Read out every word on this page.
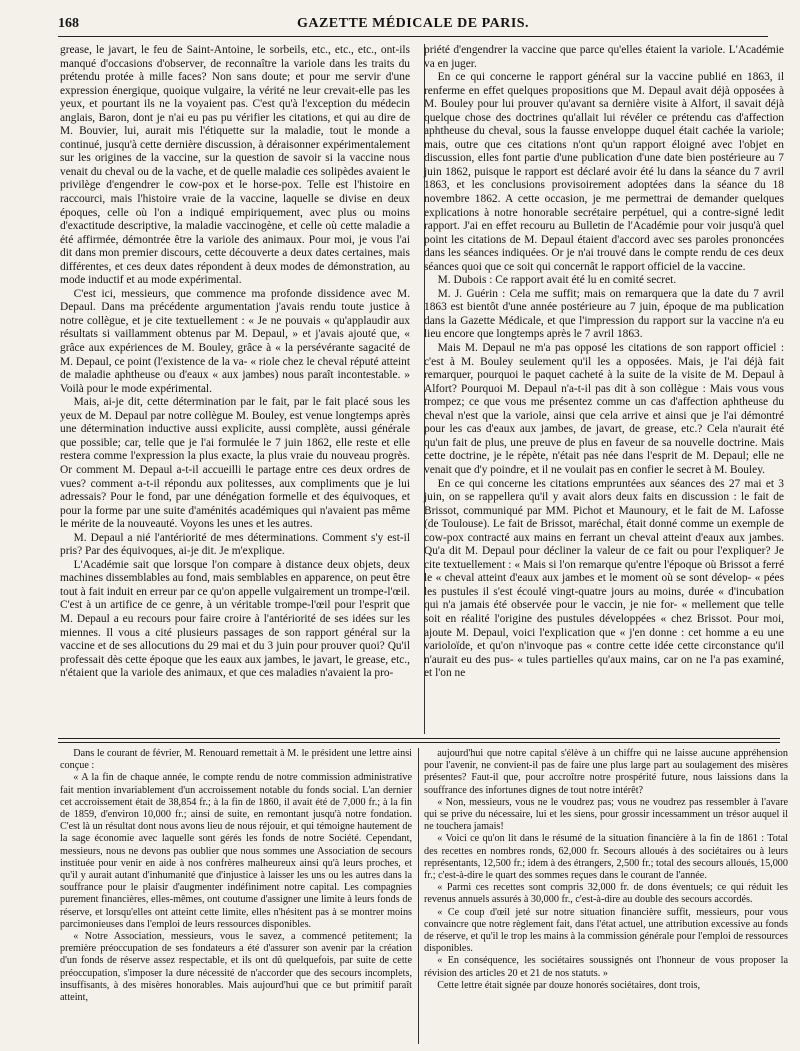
168	GAZETTE MÉDICALE DE PARIS.

grease, le javart, le feu de Saint-Antoine, le sorbeils, etc., etc., etc., ont-ils manqué d'occasions d'observer, de reconnaître la variole dans les traits du prétendu protée à mille faces? Non sans doute; et pour me servir d'une expression énergique, quoique vulgaire, la vérité ne leur crevait-elle pas les yeux, et pourtant ils ne la voyaient pas. C'est qu'à l'exception du médecin anglais, Baron, dont je n'ai eu pas pu vérifier les citations, et qui au dire de M. Bouvier, lui, aurait mis l'étiquette sur la maladie, tout le monde a continué, jusqu'à cette dernière discussion, à déraisonner expérimentalement sur les origines de la vaccine, sur la question de savoir si la vaccine nous venait du cheval ou de la vache, et de quelle maladie ces solipèdes avaient le privilège d'engendrer le cow-pox et le horse-pox. Telle est l'histoire en raccourci, mais l'histoire vraie de la vaccine, laquelle se divise en deux époques, celle où l'on a indiqué empiriquement, avec plus ou moins d'exactitude descriptive, la maladie vaccinogène, et celle où cette maladie a été affirmée, démontrée être la variole des animaux. Pour moi, je vous l'ai dit dans mon premier discours, cette découverte a deux dates certaines, mais différentes, et ces deux dates répondent à deux modes de démonstration, au mode inductif et au mode expérimental.

C'est ici, messieurs, que commence ma profonde dissidence avec M. Depaul. Dans ma précédente argumentation j'avais rendu toute justice à notre collègue, et je cite textuellement : « Je ne pouvais « qu'applaudir aux résultats si vaillamment obtenus par M. Depaul, » et j'avais ajouté que, « grâce aux expériences de M. Bouley, grâce à « la persévérante sagacité de M. Depaul, ce point (l'existence de la va- « riole chez le cheval réputé atteint de maladie aphtheuse ou d'eaux « aux jambes) nous paraît incontestable. » Voilà pour le mode expérimental.

Mais, ai-je dit, cette détermination par le fait, par le fait placé sous les yeux de M. Depaul par notre collègue M. Bouley, est venue longtemps après une détermination inductive aussi explicite, aussi complète, aussi générale que possible; car, telle que je l'ai formulée le 7 juin 1862, elle reste et elle restera comme l'expression la plus exacte, la plus vraie du nouveau progrès. Or comment M. Depaul a-t-il accueilli le partage entre ces deux ordres de vues? comment a-t-il répondu aux politesses, aux compliments que je lui adressais? Pour le fond, par une dénégation formelle et des équivoques, et pour la forme par une suite d'aménités académiques qui n'avaient pas même le mérite de la nouveauté. Voyons les unes et les autres.

M. Depaul a nié l'antériorité de mes déterminations. Comment s'y est-il pris? Par des équivoques, ai-je dit. Je m'explique.

L'Académie sait que lorsque l'on compare à distance deux objets, deux machines dissemblables au fond, mais semblables en apparence, on peut être tout à fait induit en erreur par ce qu'on appelle vulgairement un trompe-l'œil. C'est à un artifice de ce genre, à un véritable trompe-l'œil pour l'esprit que M. Depaul a eu recours pour faire croire à l'antériorité de ses idées sur les miennes. Il vous a cité plusieurs passages de son rapport général sur la vaccine et de ses allocutions du 29 mai et du 3 juin pour prouver quoi? Qu'il professait dès cette époque que les eaux aux jambes, le javart, le grease, etc., n'étaient que la variole des animaux, et que ces maladies n'avaient la pro-

priété d'engendrer la vaccine que parce qu'elles étaient la variole. L'Académie va en juger.

En ce qui concerne le rapport général sur la vaccine publié en 1863, il renferme en effet quelques propositions que M. Depaul avait déjà opposées à M. Bouley pour lui prouver qu'avant sa dernière visite à Alfort, il savait déjà quelque chose des doctrines qu'allait lui révéler ce prétendu cas d'affection aphtheuse du cheval, sous la fausse enveloppe duquel était cachée la variole; mais, outre que ces citations n'ont qu'un rapport éloigné avec l'objet en discussion, elles font partie d'une publication d'une date bien postérieure au 7 juin 1862, puisque le rapport est déclaré avoir été lu dans la séance du 7 avril 1863, et les conclusions provisoirement adoptées dans la séance du 18 novembre 1862. A cette occasion, je me permettrai de demander quelques explications à notre honorable secrétaire perpétuel, qui a contre-signé ledit rapport. J'ai en effet recouru au Bulletin de l'Académie pour voir jusqu'à quel point les citations de M. Depaul étaient d'accord avec ses paroles prononcées dans les séances indiquées. Or je n'ai trouvé dans le compte rendu de ces deux séances quoi que ce soit qui concernât le rapport officiel de la vaccine.

M. Dubois : Ce rapport avait été lu en comité secret.

M. J. Guérin : Cela me suffit; mais on remarquera que la date du 7 avril 1863 est bientôt d'une année postérieure au 7 juin, époque de ma publication dans la Gazette Médicale, et que l'impression du rapport sur la vaccine n'a eu lieu encore que longtemps après le 7 avril 1863.

Mais M. Depaul ne m'a pas opposé les citations de son rapport officiel : c'est à M. Bouley seulement qu'il les a opposées. Mais, je l'ai déjà fait remarquer, pourquoi le paquet cacheté à la suite de la visite de M. Depaul à Alfort? Pourquoi M. Depaul n'a-t-il pas dit à son collègue : Mais vous vous trompez; ce que vous me présentez comme un cas d'affection aphtheuse du cheval n'est que la variole, ainsi que cela arrive et ainsi que je l'ai démontré pour les cas d'eaux aux jambes, de javart, de grease, etc.? Cela n'aurait été qu'un fait de plus, une preuve de plus en faveur de sa nouvelle doctrine. Mais cette doctrine, je le répète, n'était pas née dans l'esprit de M. Depaul; elle ne venait que d'y poindre, et il ne voulait pas en confier le secret à M. Bouley.

En ce qui concerne les citations empruntées aux séances des 27 mai et 3 juin, on se rappellera qu'il y avait alors deux faits en discussion : le fait de Brissot, communiqué par MM. Pichot et Maunoury, et le fait de M. Lafosse (de Toulouse). Le fait de Brissot, maréchal, était donné comme un exemple de cow-pox contracté aux mains en ferrant un cheval atteint d'eaux aux jambes. Qu'a dit M. Depaul pour décliner la valeur de ce fait ou pour l'expliquer? Je cite textuellement : « Mais si l'on remarque qu'entre l'époque où Brissot a ferré le « cheval atteint d'eaux aux jambes et le moment où se sont dévelop- « pées les pustules il s'est écoulé vingt-quatre jours au moins, durée « d'incubation qui n'a jamais été observée pour le vaccin, je nie for- « mellement que telle soit en réalité l'origine des pustules développées « chez Brissot. Pour moi, ajoute M. Depaul, voici l'explication que « j'en donne : cet homme a eu une varioloïde, et qu'on n'invoque pas « contre cette idée cette circonstance qu'il n'aurait eu des pus- « tules partielles qu'aux mains, car on ne l'a pas examiné, et l'on ne

Dans le courant de février, M. Renouard remettait à M. le président une lettre ainsi conçue :

« A la fin de chaque année, le compte rendu de notre commission administrative fait mention invariablement d'un accroissement notable du fonds social. L'an dernier cet accroissement était de 38,854 fr.; à la fin de 1860, il avait été de 7,000 fr.; à la fin de 1859, d'environ 10,000 fr.; ainsi de suite, en remontant jusqu'à notre fondation. C'est là un résultat dont nous avons lieu de nous réjouir, et qui témoigne hautement de la sage économie avec laquelle sont gérés les fonds de notre Société. Cependant, messieurs, nous ne devons pas oublier que nous sommes une Association de secours instituée pour venir en aide à nos confrères malheureux ainsi qu'à leurs proches, et qu'il y aurait autant d'inhumanité que d'injustice à laisser les uns ou les autres dans la souffrance pour le plaisir d'augmenter indéfiniment notre capital. Les compagnies purement financières, elles-mêmes, ont coutume d'assigner une limite à leurs fonds de réserve, et lorsqu'elles ont atteint cette limite, elles n'hésitent pas à se montrer moins parcimonieuses dans l'emploi de leurs ressources disponibles.

« Notre Association, messieurs, vous le savez, a commencé petitement; la première préoccupation de ses fondateurs a été d'assurer son avenir par la création d'un fonds de réserve assez respectable, et ils ont dû quelquefois, par suite de cette préoccupation, s'imposer la dure nécessité de n'accorder que des secours incomplets, insuffisants, à des misères honorables. Mais aujourd'hui que ce but primitif paraît atteint,

aujourd'hui que notre capital s'élève à un chiffre qui ne laisse aucune appréhension pour l'avenir, ne convient-il pas de faire une plus large part au soulagement des misères présentes? Faut-il que, pour accroître notre prospérité future, nous laissions dans la souffrance des infortunes dignes de tout notre intérêt?

« Non, messieurs, vous ne le voudrez pas; vous ne voudrez pas ressembler à l'avare qui se prive du nécessaire, lui et les siens, pour grossir incessamment un trésor auquel il ne touchera jamais!

« Voici ce qu'on lit dans le résumé de la situation financière à la fin de 1861 : Total des recettes en nombres ronds, 62,000 fr. Secours alloués à des sociétaires ou à leurs représentants, 12,500 fr.; idem à des étrangers, 2,500 fr.; total des secours alloués, 15,000 fr.; c'est-à-dire le quart des sommes reçues dans le courant de l'année.

« Parmi ces recettes sont compris 32,000 fr. de dons éventuels; ce qui réduit les revenus annuels assurés à 30,000 fr., c'est-à-dire au double des secours accordés.

« Ce coup d'œil jeté sur notre situation financière suffit, messieurs, pour vous convaincre que notre règlement fait, dans l'état actuel, une attribution excessive au fonds de réserve, et qu'il le trop les mains à la commission générale pour l'emploi de ressources disponibles.

« En conséquence, les sociétaires soussignés ont l'honneur de vous proposer la révision des articles 20 et 21 de nos statuts. »

Cette lettre était signée par douze honorés sociétaires, dont trois,
